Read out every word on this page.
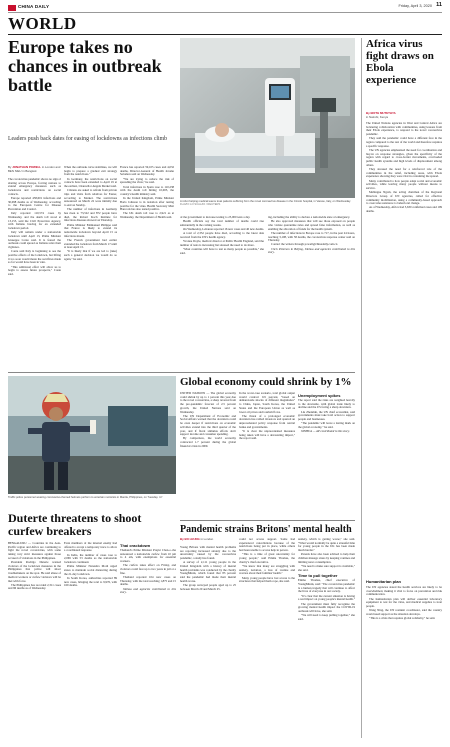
CHINA DAILY	Friday, April 3, 2020 11
WORLD
Europe takes no chances in outbreak battle
Leaders push back dates for easing of lockdowns as infections climb
By JONATHAN POWELL in London and BEN SIEU in Bangkok

The coronavirus pandemic shows no sign of abating across Europe, forcing nations to extend emergency measures such as lockdowns and restrictions on social contacts.

Europe reported 458,601 infections and 30,098 deaths as of Wednesday, according to the European Centre for Disease Prevention and Control.

Italy reported 110,574 cases by Wednesday, and the death toll stood at 13,155, said the Civil Protection Agency, with Italians bracing for an extended lockdown period.

Italy will remain under a nationwide lockdown until April 13, Prime Minister Giuseppe Conte said. It is feared the outbreak could spread as Italians relax their vigilance.

Conte said Italy is beginning to see the positive effects of the lockdown, but lifting it too soon would mean the sacrifices made so far would have been in vain.

"This additional effort will allow us to begin to assess future prospects," Conte said.

When the outbreak curve stabilizes, we will begin to prepare a gradual exit strategy from the restrictions."

In Germany, the restrictions on social contacts have been extended to April 19 at the earliest, Chancellor Angela Merkel said.

Citizens are asked to refrain from private trips and visits from relatives for Easter, according to Merkel. The restrictions announced on March 22 were initially due to end on Sunday.

The number of infections in Germany has risen to 73,522 and 872 people have died, the Robert Koch Institute for infectious diseases showed on Thursday.

Prime Minister Emmanuel Philippe said that France is likely to extend its nationwide lockdown beyond April 15 as infections mount.

The French government had earlier extended the lockdown from March 17 until at least April 15.

"It is likely that if we are led to (take) such a general decision we would do so again," he said.

France has reported 59,105 cases and 4,032 deaths, Director-General of Health Jerome Salomon said on Wednesday.

"We are trying to reduce the risk of spreading the virus," he said.

Total infections in Spain rose to 110,238 with the death toll hitting 10,003, the country's health ministry said.

In the United Kingdom, Prime Minister Boris Johnson is in isolation after testing positive for the virus. Health Secretary Matt Hancock has also tested positive.

The UK death toll rose to 2,921 as at Wednesday, the Department of Health said.

A robot helping medical teams treat patients suffering from the novel coronavirus disease in the Circolo hospital, in Varese, Italy, on Wednesday. FLAVIO LO SCALZO / REUTERS

of the government to increase testing to 25,000 tests a day.

Health officials say the total number of deaths could rise substantially in the coming weeks.

On Wednesday, Lebanon reported 16 new cases and 40 new deaths.

A total of 2,352 people have died, according to the latest data received from the UN's health agency.

Yvonne Doyle, medical director at Public Health England, said the number of tests is increasing but stressed the need to do more.

"Most countries will have to test as many people as possible," she said.

ing, including the ability to declare a nationwide state of emergency.

He also approved measures that will see those exposed on people who violate quarantine rules and spread false information, as well as enabling the allocation of funds for the health system.

The number of infections in Europe rose to 717, in the past 24 hours, reaching 3,108, with 58 deaths, the coronavirus response center said on Thursday.

Contact the writers through powell@chinadaily.com.cn

Chris Peterson in Beijing, Xinhua and agencies contributed to this story.

Africa virus fight draws on Ebola experience
By EDITH MUTETHYA
in Nairobi, Kenya

The United Nations agencies in West and Central Africa are bolstering collaboration with communities, using lessons from their Ebola experience, to respond to the novel coronavirus pandemic.

They said the pandemic could have a different face in the region compared to the rest of the world and therefore requires a specific response.

The UN agencies emphasized the need for coordination and buy-in on response strategies, given the specificity of the region with regard to cross-border movements, overloaded public health systems and high levels of displacement among others.

They stressed the need for a reinforced role of the communities in the relief, including areas, with Ebola experience showing they were vital in containing the spread.

Many contributed to how people adapt social and economic activities, while leaving many people without means to survive.

Mabingue Ngom, the acting chairman of the Regional Directors Group of UN agencies, called for effective community mobilization, using a community-based approach to overcome resistance to behavioral change.

As of Wednesday, Africa had 5,630 confirmed cases and 199 deaths.

Humanitarian plan

The UN agencies stated the health services are likely to be overwhelmed, making it vital to focus on prevention and risk communication.

The humanitarian plan will deliver essential laboratory equipment to test for the virus, and medical supplies to treat people.

Wang Ning, the UN resident coordinator, said the country would need support as the situation develops.

"This is a crisis that requires global solidarity," he said.

Traffic police personnel wearing coronavirus-themed helmets perform to entertain motorists in Manila, Philippines, on Tuesday. AP
Global economy could shrink by 1%

UNITED NATIONS — The global economy could shrink by up to 1 percent this year due to the novel coronavirus, a sharp reversal from the pre-pandemic forecast of 2.5 percent growth, the United Nations said on Wednesday.

The UN Department of Economic and Social Affairs warned that the downturn could be even deeper if restrictions on economic activities extend into the third quarter of the year, and if fiscal stimulus efforts don't support income and consumer spending.

By comparison, the world economy contracted 1.7 percent during the global financial crisis in 2009.

In the worst-case scenario, total global output would contract 0.9 percent, "based on demand-side shocks of different magnitudes" to China, Japan, South Korea, the United States and the European Union as well as lower oil prices and tourism flows.

The threat of a prolonged economic downturn has rattled investors and spurred an unprecedented policy response from central banks and governments.

"It is clear the unprecedented measures being taken will have a devastating impact," the report said.

Unemployment spikes

The report said the risks are weighted heavily to the downside, with global trade likely to decline and the US facing a sharp downturn.

Liu Zhenmin, the UN chief economist, said governments must take bold action to support people and businesses.

"The pandemic will leave a lasting mark on the global economy," he said.

XINHUA — AP contributed to this story.

Duterte threatens to shoot curfew breakers

BENGALURU — Countries in the Asia-Pacific region and Africa are continuing to fight the novel coronavirus, with some taking very strict measures against those accused of violations in the Philippines.

President Rodrigo Duterte warned violators of the lockdown measures in the Philippines that police will shoot troublemakers on the spot. He said abuse of medical workers or curfew violators will be met with force.

The Philippines has recorded 2,311 cases and 96 deaths as of Wednesday.

Even members of the internal enemy had offered to accept a temporary truce to allow a coordinated response.

In India, the number of cases rose to 2,069 with 53 deaths as the nationwide lockdown continued.

Prime Minister Narendra Modi urged states to maintain social distancing during the 21-day lockdown.

In South Korea, authorities reported 89 new cases, bringing the total to 9,976, with 169 deaths.

Thai crackdown

Thailand's Prime Minister Prayut Chan-o-cha announced a nationwide curfew from 10 pm to 4 am, with exemptions for essential workers.

The curfew takes effect on Friday, and violators could face up to two years in jail or a fine.

Thailand reported 104 new cases on Thursday, with the total reaching 1,875 and 15 deaths.

Xinhua and agencies contributed to this story.

Pandemic strains Britons' mental health
By BO LEUNG in London

Young Britons with mental health problems are reporting increased anxiety due to the uncertainty caused by the coronavirus pandemic, a study has found.

A survey of 2,111 young people in the United Kingdom with a history of mental health problems was conducted by the charity YoungMinds, which found that 83 percent said the pandemic had made their mental health worse.

The group surveyed people aged up to 25 between March 20 and March 25.

could not access support. Some had experienced cancellations because of the restrictions being put in place, while others had been unable to access help in person.

"This is a time of great uncertainty for young people," said Emma Thomas, the charity's chief executive.

"We know that many are struggling with anxiety, isolation, a loss of routine and worries about their families' health."

Many young people have lost access to the structures that helped them cope, she said.

anxiety, which is getting worse," she said. "What would normally be quite a stressful time for young people in the UK has been made much harder."

Parents have also been advised to help their children manage stress by keeping routines and limiting news consumption.

"We need to make sure support is available," she said.

Time to pull together

Emma Thomas, chief executive of YoungMinds, said: "The coronavirus pandemic is a human tragedy that will continue to affect the lives of everyone in our society.

"It's clear that the current situation is having a real impact on young people's mental health."

The government must fully recognize the growing mental health impact the COVID-19 outbreak will have, she said.

"We will need to keep pulling together," she said.
